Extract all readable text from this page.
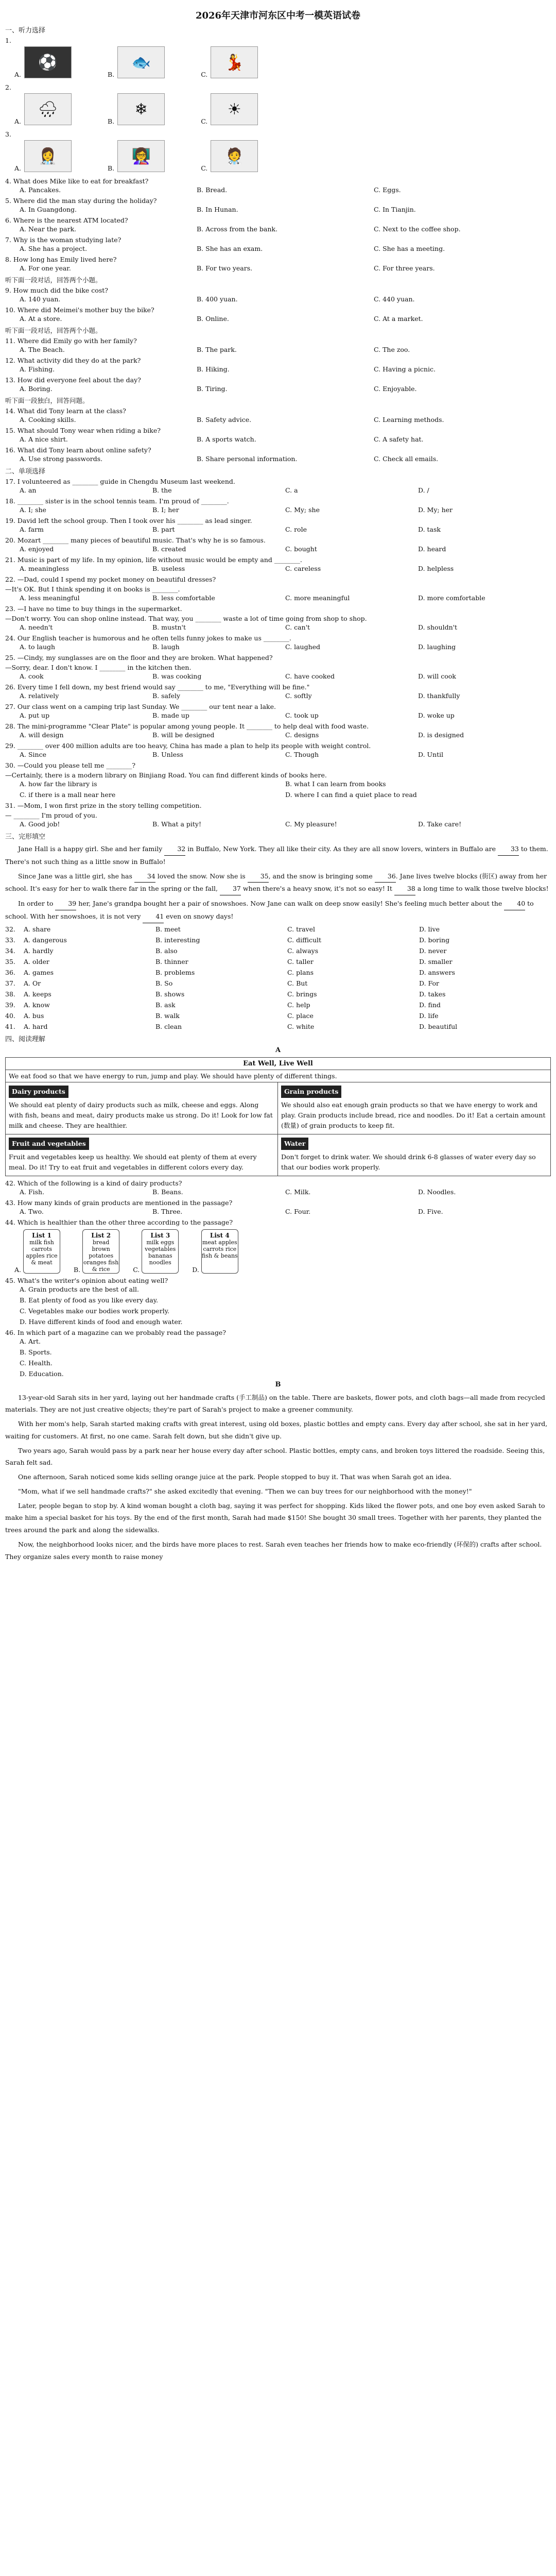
2026年天津市河东区中考一模英语试卷
一、听力选择
1.
A.
⚽
B.
🐟
C.
💃
2.
A.
🌧
B.
❄
C.
☀
3.
A.
👩‍⚕
B.
👩‍🏫
C.
🧑‍⚕
4. What does Mike like to eat for breakfast?
A. Pancakes.	B. Bread.	C. Eggs.
5. Where did the man stay during the holiday?
A. In Guangdong.	B. In Hunan.	C. In Tianjin.
6. Where is the nearest ATM located?
A. Near the park.	B. Across from the bank.	C. Next to the coffee shop.
7. Why is the woman studying late?
A. She has a project.	B. She has an exam.	C. She has a meeting.
8. How long has Emily lived here?
A. For one year.	B. For two years.	C. For three years.
听下面一段对话，回答两个小题。
9. How much did the bike cost?
A. 140 yuan.	B. 400 yuan.	C. 440 yuan.
10. Where did Meimei's mother buy the bike?
A. At a store.	B. Online.	C. At a market.
听下面一段对话，回答两个小题。
11. Where did Emily go with her family?
A. The Beach.	B. The park.	C. The zoo.
12. What activity did they do at the park?
A. Fishing.	B. Hiking.	C. Having a picnic.
13. How did everyone feel about the day?
A. Boring.	B. Tiring.	C. Enjoyable.
听下面一段独白，回答问题。
14. What did Tony learn at the class?
A. Cooking skills.	B. Safety advice.	C. Learning methods.
15. What should Tony wear when riding a bike?
A. A nice shirt.	B. A sports watch.	C. A safety hat.
16. What did Tony learn about online safety?
A. Use strong passwords.	B. Share personal information.	C. Check all emails.
二、单项选择
17. I volunteered as ________ guide in Chengdu Museum last weekend.
A. an	B. the	C. a	D. /
18. ________ sister is in the school tennis team. I'm proud of ________.
A. I; she	B. I; her	C. My; she	D. My; her
19. David left the school group. Then I took over his ________ as lead singer.
A. farm	B. part	C. role	D. task
20. Mozart ________ many pieces of beautiful music. That's why he is so famous.
A. enjoyed	B. created	C. bought	D. heard
21. Music is part of my life. In my opinion, life without music would be empty and ________.
A. meaningless	B. useless	C. careless	D. helpless
22. —Dad, could I spend my pocket money on beautiful dresses?
—It's OK. But I think spending it on books is ________.
A. less meaningful	B. less comfortable	C. more meaningful	D. more comfortable
23. —I have no time to buy things in the supermarket.
—Don't worry. You can shop online instead. That way, you ________ waste a lot of time going from shop to shop.
A. needn't	B. mustn't	C. can't	D. shouldn't
24. Our English teacher is humorous and he often tells funny jokes to make us ________.
A. to laugh	B. laugh	C. laughed	D. laughing
25. —Cindy, my sunglasses are on the floor and they are broken. What happened?
—Sorry, dear. I don't know. I ________ in the kitchen then.
A. cook	B. was cooking	C. have cooked	D. will cook
26. Every time I fell down, my best friend would say ________ to me, "Everything will be fine."
A. relatively	B. safely	C. softly	D. thankfully
27. Our class went on a camping trip last Sunday. We ________ our tent near a lake.
A. put up	B. made up	C. took up	D. woke up
28. The mini-programme "Clear Plate" is popular among young people. It ________ to help deal with food waste.
A. will design	B. will be designed	C. designs	D. is designed
29. ________ over 400 million adults are too heavy, China has made a plan to help its people with weight control.
A. Since	B. Unless	C. Though	D. Until
30. —Could you please tell me ________?
—Certainly, there is a modern library on Binjiang Road. You can find different kinds of books here.
A. how far the library is	B. what I can learn from books
C. if there is a mall near here	D. where I can find a quiet place to read
31. —Mom, I won first prize in the story telling competition.
— ________ I'm proud of you.
A. Good job!	B. What a pity!	C. My pleasure!	D. Take care!
三、完形填空
Jane Hall is a happy girl. She and her family 32 in Buffalo, New York. They all like their city. As they are all snow lovers, winters in Buffalo are 33 to them. There's not such thing as a little snow in Buffalo!
Since Jane was a little girl, she has 34 loved the snow. Now she is 35, and the snow is bringing some 36. Jane lives twelve blocks (街区) away from her school. It's easy for her to walk there far in the spring or the fall, 37 when there's a heavy snow, it's not so easy! It 38 a long time to walk those twelve blocks!
In order to 39 her, Jane's grandpa bought her a pair of snowshoes. Now Jane can walk on deep snow easily! She's feeling much better about the 40 to school. With her snowshoes, it is not very 41 even on snowy days!
32.	A. share	B. meet	C. travel	D. live
33.	A. dangerous	B. interesting	C. difficult	D. boring
34.	A. hardly	B. also	C. always	D. never
35.	A. older	B. thinner	C. taller	D. smaller
36.	A. games	B. problems	C. plans	D. answers
37.	A. Or	B. So	C. But	D. For
38.	A. keeps	B. shows	C. brings	D. takes
39.	A. know	B. ask	C. help	D. find
40.	A. bus	B. walk	C. place	D. life
41.	A. hard	B. clean	C. white	D. beautiful
四、阅读理解
A
Eat Well, Live Well
We eat food so that we have energy to run, jump and play. We should have plenty of different things.
Dairy products
We should eat plenty of dairy products such as milk, cheese and eggs. Along with fish, beans and meat, dairy products make us strong. Do it! Look for low fat milk and cheese. They are healthier.
Grain products
We should also eat enough grain products so that we have energy to work and play. Grain products include bread, rice and noodles. Do it! Eat a certain amount (数量) of grain products to keep fit.
Fruit and vegetables
Fruit and vegetables keep us healthy. We should eat plenty of them at every meal. Do it! Try to eat fruit and vegetables in different colors every day.
Water
Don't forget to drink water. We should drink 6-8 glasses of water every day so that our bodies work properly.
42. Which of the following is a kind of dairy products?
A. Fish.	B. Beans.	C. Milk.	D. Noodles.
43. How many kinds of grain products are mentioned in the passage?
A. Two.	B. Three.	C. Four.	D. Five.
44. Which is healthier than the other three according to the passage?
A.
List 1
milk fish carrots apples rice & meat
B.
List 2
bread brown potatoes oranges fish & rice	C.
List 3
milk eggs vegetables bananas noodles
D.
List 4
meat apples carrots rice fish & beans
45. What's the writer's opinion about eating well?
A. Grain products are the best of all.
B. Eat plenty of food as you like every day.
C. Vegetables make our bodies work properly.
D. Have different kinds of food and enough water.
46. In which part of a magazine can we probably read the passage?
A. Art.
B. Sports.
C. Health.
D. Education.
B
13-year-old Sarah sits in her yard, laying out her handmade crafts (手工制品) on the table. There are baskets, flower pots, and cloth bags—all made from recycled materials. They are not just creative objects; they're part of Sarah's project to make a greener community.
With her mom's help, Sarah started making crafts with great interest, using old boxes, plastic bottles and empty cans. Every day after school, she sat in her yard, waiting for customers. At first, no one came. Sarah felt down, but she didn't give up.
Two years ago, Sarah would pass by a park near her house every day after school. Plastic bottles, empty cans, and broken toys littered the roadside. Seeing this, Sarah felt sad.
One afternoon, Sarah noticed some kids selling orange juice at the park. People stopped to buy it. That was when Sarah got an idea.
"Mom, what if we sell handmade crafts?" she asked excitedly that evening. "Then we can buy trees for our neighborhood with the money!"
Later, people began to stop by. A kind woman bought a cloth bag, saying it was perfect for shopping. Kids liked the flower pots, and one boy even asked Sarah to make him a special basket for his toys. By the end of the first month, Sarah had made $150! She bought 30 small trees. Together with her parents, they planted the trees around the park and along the sidewalks.
Now, the neighborhood looks nicer, and the birds have more places to rest. Sarah even teaches her friends how to make eco-friendly (环保的) crafts after school. They organize sales every month to raise money
